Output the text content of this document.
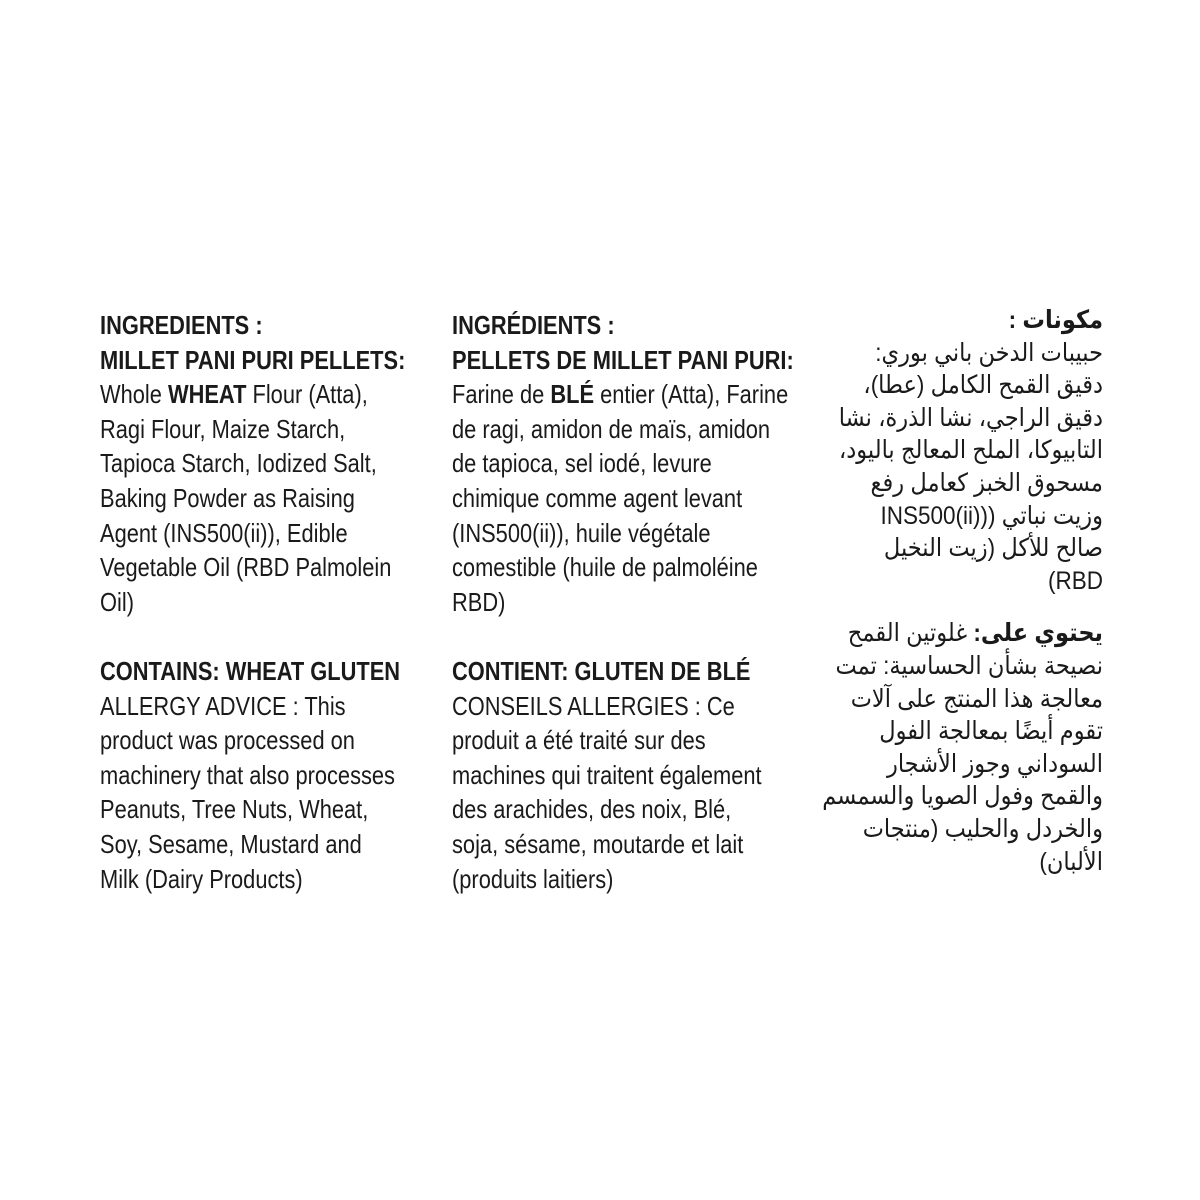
INGREDIENTS :
MILLET PANI PURI PELLETS:
Whole WHEAT Flour (Atta),
Ragi Flour, Maize Starch,
Tapioca Starch, Iodized Salt,
Baking Powder as Raising
Agent (INS500(ii)), Edible
Vegetable Oil (RBD Palmolein
Oil)
CONTAINS: WHEAT GLUTEN
ALLERGY ADVICE : This
product was processed on
machinery that also processes
Peanuts, Tree Nuts, Wheat,
Soy, Sesame, Mustard and
Milk (Dairy Products)
INGRÉDIENTS :
PELLETS DE MILLET PANI PURI:
Farine de BLÉ entier (Atta), Farine
de ragi, amidon de maïs, amidon
de tapioca, sel iodé, levure
chimique comme agent levant
(INS500(ii)), huile végétale
comestible (huile de palmoléine
RBD)
CONTIENT: GLUTEN DE BLÉ
CONSEILS ALLERGIES : Ce
produit a été traité sur des
machines qui traitent également
des arachides, des noix, Blé,
soja, sésame, moutarde et lait
(produits laitiers)
مكونات :
حبيبات الدخن باني بوري:
دقيق القمح الكامل (عطا)،
دقيق الراجي، نشا الذرة، نشا
التابيوكا، الملح المعالج باليود،
مسحوق الخبز كعامل رفع
وزيت نباتي ((INS500(ii)
صالح للأكل (زيت النخيل
RBD)
يحتوي على: غلوتين القمح
نصيحة بشأن الحساسية: تمت
معالجة هذا المنتج على آلات
تقوم أيضًا بمعالجة الفول
السوداني وجوز الأشجار
والقمح وفول الصويا والسمسم
والخردل والحليب (منتجات
الألبان)
